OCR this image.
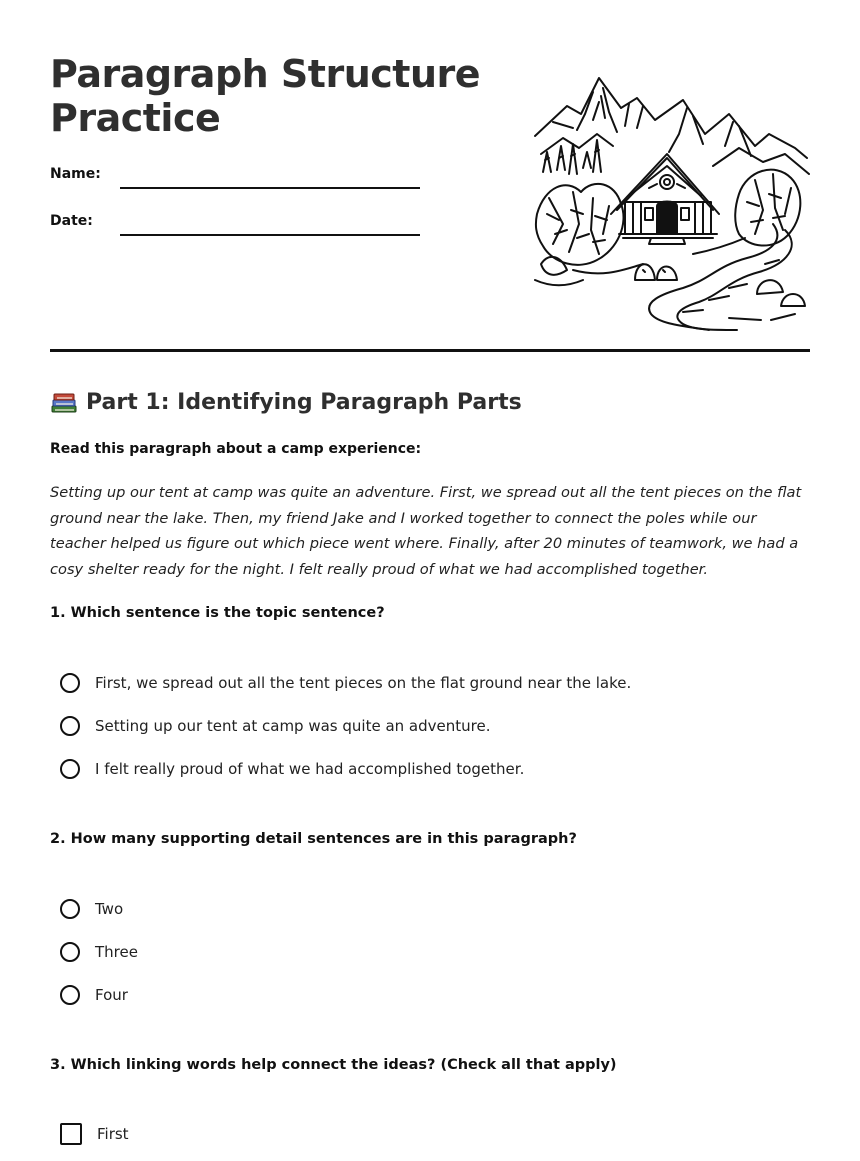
Paragraph Structure Practice
Name:
Date:
Part 1: Identifying Paragraph Parts

Read this paragraph about a camp experience:

Setting up our tent at camp was quite an adventure. First, we spread out all the tent pieces on the flat ground near the lake. Then, my friend Jake and I worked together to connect the poles while our teacher helped us figure out which piece went where. Finally, after 20 minutes of teamwork, we had a cosy shelter ready for the night. I felt really proud of what we had accomplished together.

1. Which sentence is the topic sentence?

First, we spread out all the tent pieces on the flat ground near the lake.
Setting up our tent at camp was quite an adventure.
I felt really proud of what we had accomplished together.

2. How many supporting detail sentences are in this paragraph?

Two
Three
Four

3. Which linking words help connect the ideas? (Check all that apply)

First
